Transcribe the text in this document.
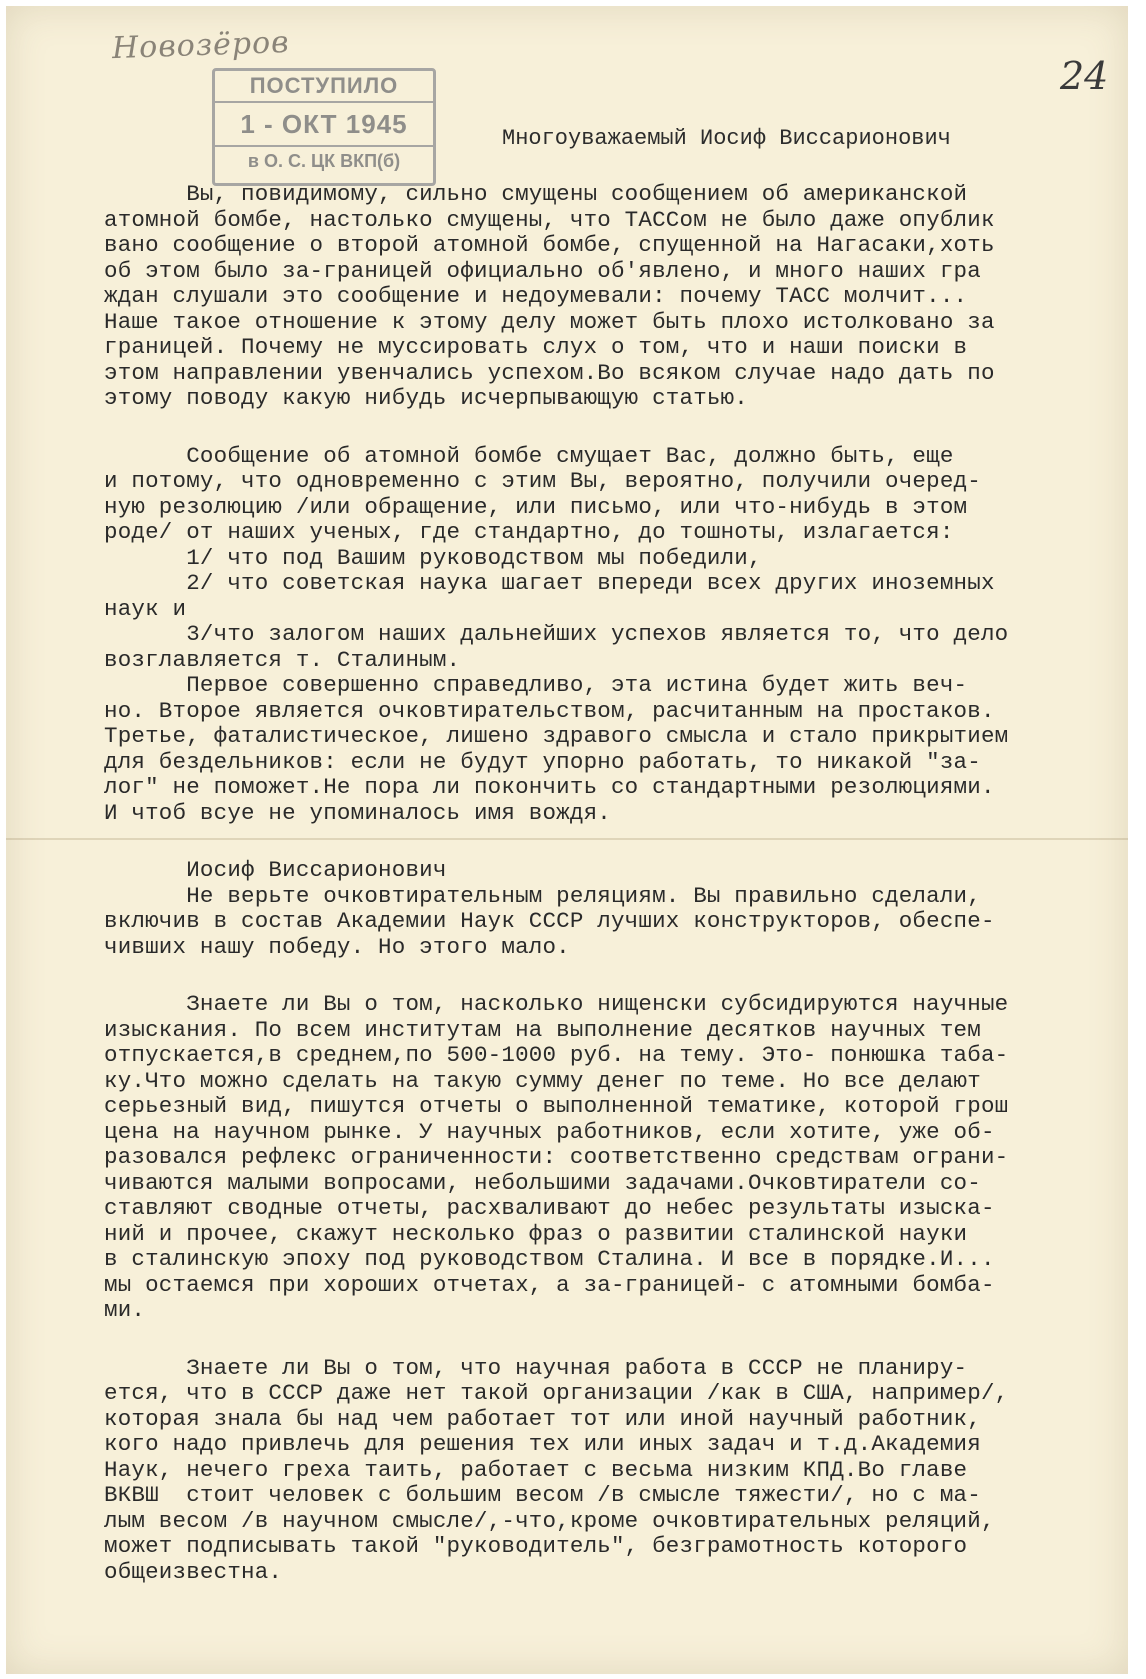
Новозёров
24
ПОСТУПИЛО
1 - ОКТ 1945
в О. С. ЦК ВКП(б)
Многоуважаемый Иосиф Виссарионович
Вы, повидимому, сильно смущены сообщением об американской
атомной бомбе, настолько смущены, что ТАССом не было даже опублик
вано сообщение о второй атомной бомбе, спущенной на Нагасаки,хоть
об этом было за-границей официально об'явлено, и много наших гра
ждан слушали это сообщение и недоумевали: почему ТАСС молчит...
Наше такое отношение к этому делу может быть плохо истолковано за
границей. Почему не муссировать слух о том, что и наши поиски в
этом направлении увенчались успехом.Во всяком случае надо дать по
этому поводу какую нибудь исчерпывающую статью.
Сообщение об атомной бомбе смущает Вас, должно быть, еще
и потому, что одновременно с этим Вы, вероятно, получили очеред-
ную резолюцию /или обращение, или письмо, или что-нибудь в этом
роде/ от наших ученых, где стандартно, до тошноты, излагается:
1/ что под Вашим руководством мы победили,
2/ что советская наука шагает впереди всех других иноземных
наук и
3/что залогом наших дальнейших успехов является то, что дело
возглавляется т. Сталиным.
Первое совершенно справедливо, эта истина будет жить веч-
но. Второе является очковтирательством, расчитанным на простаков.
Третье, фаталистическое, лишено здравого смысла и стало прикрытием
для бездельников: если не будут упорно работать, то никакой "за-
лог" не поможет.Не пора ли покончить со стандартными резолюциями.
И чтоб всуе не упоминалось имя вождя.
Иосиф Виссарионович
Не верьте очковтирательным реляциям. Вы правильно сделали,
включив в состав Академии Наук СССР лучших конструкторов, обеспе-
чивших нашу победу. Но этого мало.
Знаете ли Вы о том, насколько нищенски субсидируются научные
изыскания. По всем институтам на выполнение десятков научных тем
отпускается,в среднем,по 500-1000 руб. на тему. Это- понюшка таба-
ку.Что можно сделать на такую сумму денег по теме. Но все делают
серьезный вид, пишутся отчеты о выполненной тематике, которой грош
цена на научном рынке. У научных работников, если хотите, уже об-
разовался рефлекс ограниченности: соответственно средствам ограни-
чиваются малыми вопросами, небольшими задачами.Очковтиратели со-
ставляют сводные отчеты, расхваливают до небес результаты изыска-
ний и прочее, скажут несколько фраз о развитии сталинской науки
в сталинскую эпоху под руководством Сталина. И все в порядке.И...
мы остаемся при хороших отчетах, а за-границей- с атомными бомба-
ми.
Знаете ли Вы о том, что научная работа в СССР не планиру-
ется, что в СССР даже нет такой организации /как в США, например/,
которая знала бы над чем работает тот или иной научный работник,
кого надо привлечь для решения тех или иных задач и т.д.Академия
Наук, нечего греха таить, работает с весьма низким КПД.Во главе
ВКВШ  стоит человек с большим весом /в смысле тяжести/, но с ма-
лым весом /в научном смысле/,-что,кроме очковтирательных реляций,
может подписывать такой "руководитель", безграмотность которого
общеизвестна.
